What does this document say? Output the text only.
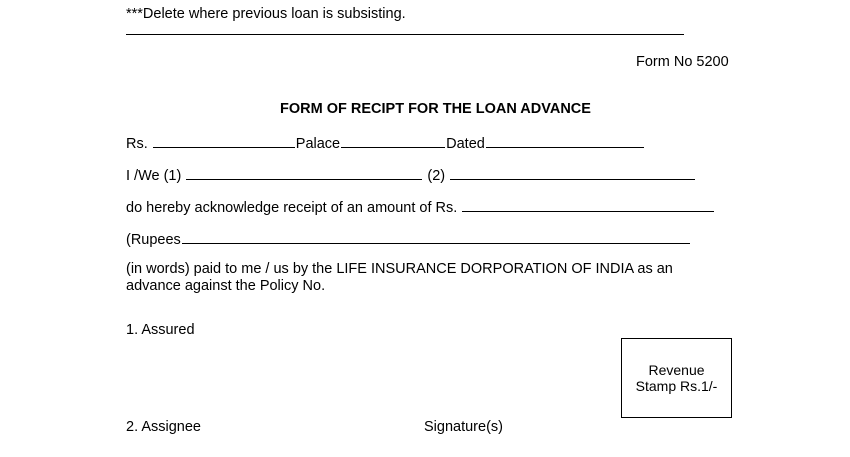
***Delete where previous loan is subsisting.
Form No 5200
FORM OF RECIPT FOR THE LOAN ADVANCE
Rs.	Palace	Dated
I /We (1)	(2)
do hereby acknowledge receipt of an amount of Rs.
(Rupees
(in words) paid to me / us by the LIFE INSURANCE DORPORATION OF INDIA as an advance against the Policy No.
1. Assured
Revenue
Stamp Rs.1/-
2. Assignee	Signature(s)
